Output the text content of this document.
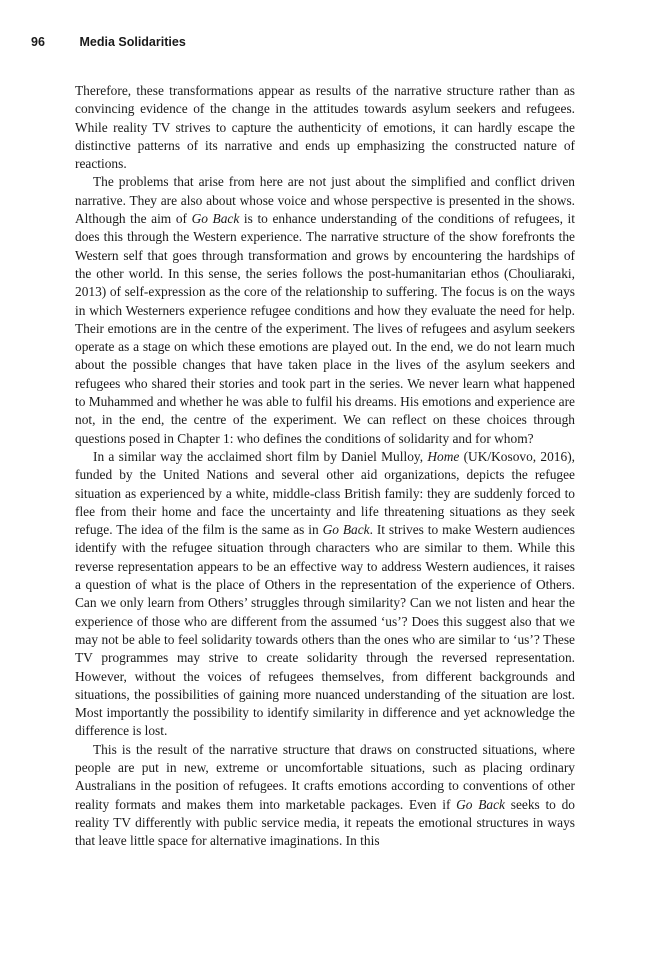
96	Media Solidarities

Therefore, these transformations appear as results of the narrative structure rather than as convincing evidence of the change in the attitudes towards asylum seekers and refugees. While reality TV strives to capture the authenticity of emotions, it can hardly escape the distinctive patterns of its narrative and ends up emphasizing the constructed nature of reactions.

The problems that arise from here are not just about the simplified and conflict driven narrative. They are also about whose voice and whose perspective is presented in the shows. Although the aim of Go Back is to enhance understanding of the conditions of refugees, it does this through the Western experience. The narrative structure of the show forefronts the Western self that goes through transformation and grows by encountering the hardships of the other world. In this sense, the series follows the post-humanitarian ethos (Chouliaraki, 2013) of self-expression as the core of the relationship to suffering. The focus is on the ways in which Westerners experience refugee conditions and how they evaluate the need for help. Their emotions are in the centre of the experiment. The lives of refugees and asylum seekers operate as a stage on which these emotions are played out. In the end, we do not learn much about the possible changes that have taken place in the lives of the asylum seekers and refugees who shared their stories and took part in the series. We never learn what happened to Muhammed and whether he was able to fulfil his dreams. His emotions and experience are not, in the end, the centre of the experiment. We can reflect on these choices through questions posed in Chapter 1: who defines the conditions of solidarity and for whom?

In a similar way the acclaimed short film by Daniel Mulloy, Home (UK/Kosovo, 2016), funded by the United Nations and several other aid organizations, depicts the refugee situation as experienced by a white, middle-class British family: they are suddenly forced to flee from their home and face the uncertainty and life threatening situations as they seek refuge. The idea of the film is the same as in Go Back. It strives to make Western audiences identify with the refugee situation through characters who are similar to them. While this reverse representation appears to be an effective way to address Western audiences, it raises a question of what is the place of Others in the representation of the experience of Others. Can we only learn from Others’ struggles through similarity? Can we not listen and hear the experience of those who are different from the assumed ‘us’? Does this suggest also that we may not be able to feel solidarity towards others than the ones who are similar to ‘us’? These TV programmes may strive to create solidarity through the reversed representation. However, without the voices of refugees themselves, from different backgrounds and situations, the possibilities of gaining more nuanced understanding of the situation are lost. Most importantly the possibility to identify similarity in difference and yet acknowledge the difference is lost.

This is the result of the narrative structure that draws on constructed situations, where people are put in new, extreme or uncomfortable situations, such as placing ordinary Australians in the position of refugees. It crafts emotions according to conventions of other reality formats and makes them into marketable packages. Even if Go Back seeks to do reality TV differently with public service media, it repeats the emotional structures in ways that leave little space for alternative imaginations. In this
